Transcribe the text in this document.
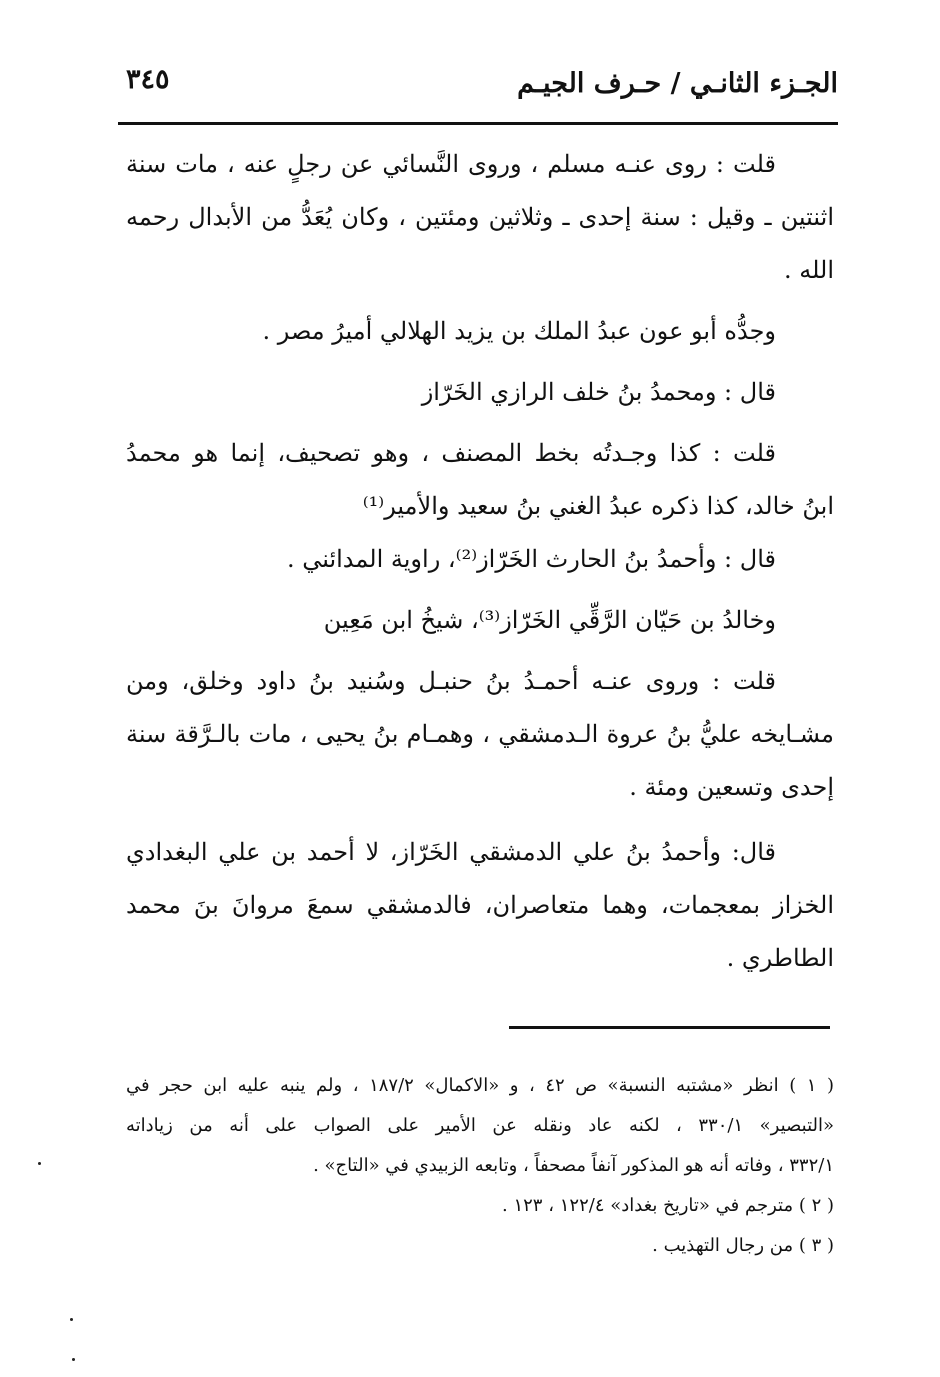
الجـزء الثانـي / حـرف الجيـم
٣٤٥
قلت : روى عنـه مسلم ، وروى النَّسائي عن رجلٍ عنه ، مات سنة
اثنتين ـ وقيل : سنة إحدى ـ وثلاثين ومئتين ، وكان يُعَدُّ من الأبدال رحمه
الله .
وجدُّه أبو عون عبدُ الملك بن يزيد الهلالي أميرُ مصر .
قال : ومحمدُ بنُ خلف الرازي الخَرّاز
قلت : كذا وجـدتُه بخط المصنف ، وهو تصحيف، إنما هو محمدُ
ابنُ خالد، كذا ذكره عبدُ الغني بنُ سعيد والأمير⁽¹⁾
قال : وأحمدُ بنُ الحارث الخَرّاز⁽²⁾، راوية المدائني .
وخالدُ بن حَيّان الرَّقِّي الخَرّاز⁽³⁾، شيخُ ابن مَعِين
قلت : وروى عنـه أحمـدُ بنُ حنبـل وسُنيد بنُ داود وخلق، ومن
مشـايخه عليُّ بنُ عروة الـدمشقي ، وهمـام بنُ يحيى ، مات بالـرَّقة سنة
إحدى وتسعين ومئة .
قال: وأحمدُ بنُ علي الدمشقي الخَرّاز، لا أحمد بن علي البغدادي
الخزاز بمعجمات، وهما متعاصران، فالدمشقي سمعَ مروانَ بنَ محمد
الطاطري .
( ١ ) انظر «مشتبه النسبة» ص ٤٢ ، و «الاكمال» ١٨٧/٢ ، ولم ينبه عليه ابن حجر في
«التبصير» ٣٣٠/١ ، لكنه عاد ونقله عن الأمير على الصواب على أنه من زياداته
٣٣٢/١ ، وفاته أنه هو المذكور آنفاً مصحفاً ، وتابعه الزبيدي في «التاج» .
( ٢ ) مترجم في «تاريخ بغداد» ١٢٢/٤ ، ١٢٣ .
( ٣ ) من رجال التهذيب .
